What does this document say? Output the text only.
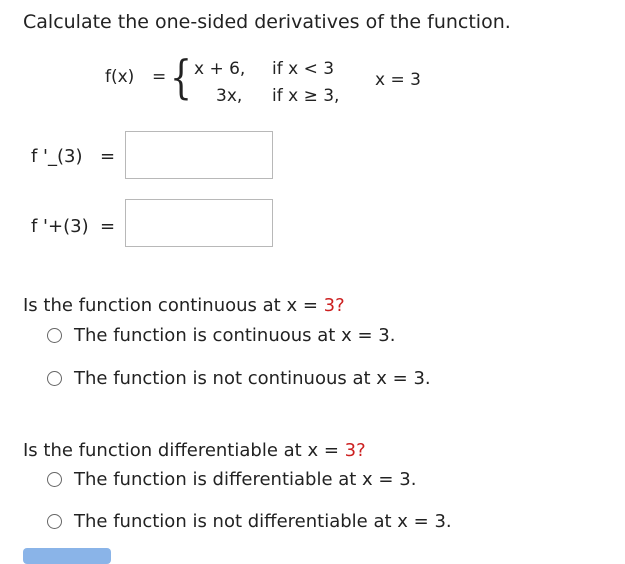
Calculate the one-sided derivatives of the function.
f(x) = { x + 6, if x < 3
3x, if x ≥ 3,
x = 3
f '_(3) =
f '+(3) =
Is the function continuous at x = 3?
The function is continuous at x = 3.
The function is not continuous at x = 3.
Is the function differentiable at x = 3?
The function is differentiable at x = 3.
The function is not differentiable at x = 3.
